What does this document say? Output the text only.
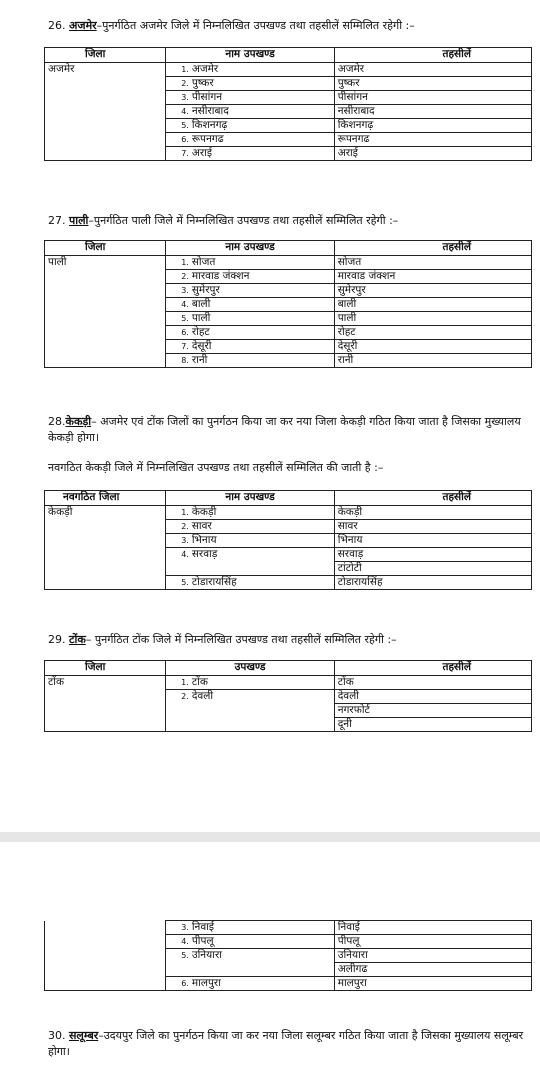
26. अजमेर–पुनर्गठित अजमेर जिले में निम्नलिखित उपखण्ड तथा तहसीलें सम्मिलित रहेगी :–
जिला	नाम उपखण्ड		तहसीलें
अजमेर	1.	अजमेर	अजमेर
	2.	पुष्कर	पुष्कर
	3.	पीसांगन	पीसांगन
	4.	नसीराबाद	नसीराबाद
	5.	किशनगढ़	किशनगढ़
	6.	रूपनगढ	रूपनगढ
	7.	अराई	अराई
27. पाली–पुनर्गठित पाली जिले में निम्नलिखित उपखण्ड तथा तहसीलें सम्मिलित रहेगी :–
जिला	नाम उपखण्ड		तहसीलें
पाली	1.	सोजत	सोजत
	2.	मारवाड जंक्शन	मारवाड जंक्शन
	3.	सुमेरपुर	सुमेरपुर
	4.	बाली	बाली
	5.	पाली	पाली
	6.	रोहट	रोहट
	7.	देसूरी	देसूरी
	8.	रानी	रानी
28.केकड़ी– अजमेर एवं टोंक जिलों का पुनर्गठन किया जा कर नया जिला केकड़ी गठित किया जाता है जिसका मुख्यालय केकड़ी होगा।
नवगठित केकड़ी जिले में निम्नलिखित उपखण्ड तथा तहसीलें सम्मिलित की जाती है :–
नवगठित जिला	नाम उपखण्ड		तहसीलें
केकड़ी	1.	केकड़ी	केकड़ी
	2.	सावर	सावर
	3.	भिनाय	भिनाय
	4.	सरवाड़	सरवाड़
			टांटोटी
	5.	टोडारायसिंह	टोडारायसिंह
29. टोंक– पुनर्गठित टोंक जिले में निम्नलिखित उपखण्ड तथा तहसीलें सम्मिलित रहेगी :–
जिला	उपखण्ड		तहसीलें
टोंक	1.	टोंक	टोंक
	2.	देवली	देवली
			नगरफोर्ट
			दूनी
	3.	निवाई	निवाई
	4.	पीपलू	पीपलू
	5.	उनियारा	उनियारा
			अलीगढ
	6.	मालपुरा	मालपुरा
30. सलूम्बर–उदयपुर जिले का पुनर्गठन किया जा कर नया जिला सलूम्बर गठित किया जाता है जिसका मुख्यालय सलूम्बर होगा।
